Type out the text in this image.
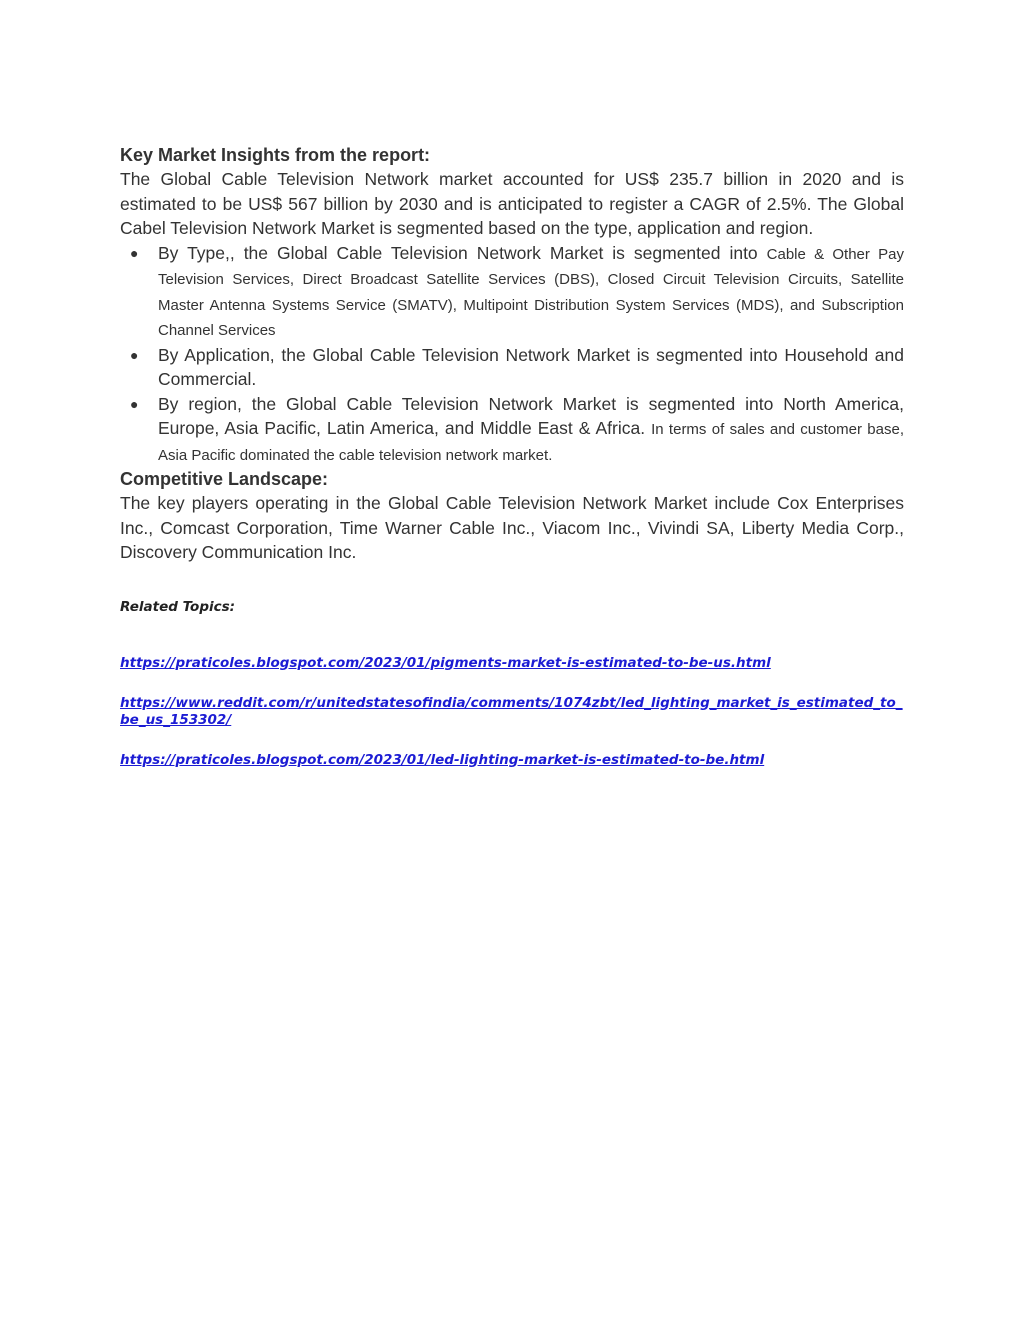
Key Market Insights from the report:

The Global Cable Television Network market accounted for US$ 235.7 billion in 2020 and is estimated to be US$ 567 billion by 2030 and is anticipated to register a CAGR of 2.5%. The Global Cabel Television Network Market is segmented based on the type, application and region.

● By Type,, the Global Cable Television Network Market is segmented into Cable & Other Pay Television Services, Direct Broadcast Satellite Services (DBS), Closed Circuit Television Circuits, Satellite Master Antenna Systems Service (SMATV), Multipoint Distribution System Services (MDS), and Subscription Channel Services
● By Application, the Global Cable Television Network Market is segmented into Household and Commercial.
● By region, the Global Cable Television Network Market is segmented into North America, Europe, Asia Pacific, Latin America, and Middle East & Africa. In terms of sales and customer base, Asia Pacific dominated the cable television network market.

Competitive Landscape:

The key players operating in the Global Cable Television Network Market include Cox Enterprises Inc., Comcast Corporation, Time Warner Cable Inc., Viacom Inc., Vivindi SA, Liberty Media Corp., Discovery Communication Inc.

Related Topics:

https://praticoles.blogspot.com/2023/01/pigments-market-is-estimated-to-be-us.html
https://www.reddit.com/r/unitedstatesofindia/comments/1074zbt/led_lighting_market_is_estimated_to_be_us_153302/
https://praticoles.blogspot.com/2023/01/led-lighting-market-is-estimated-to-be.html
